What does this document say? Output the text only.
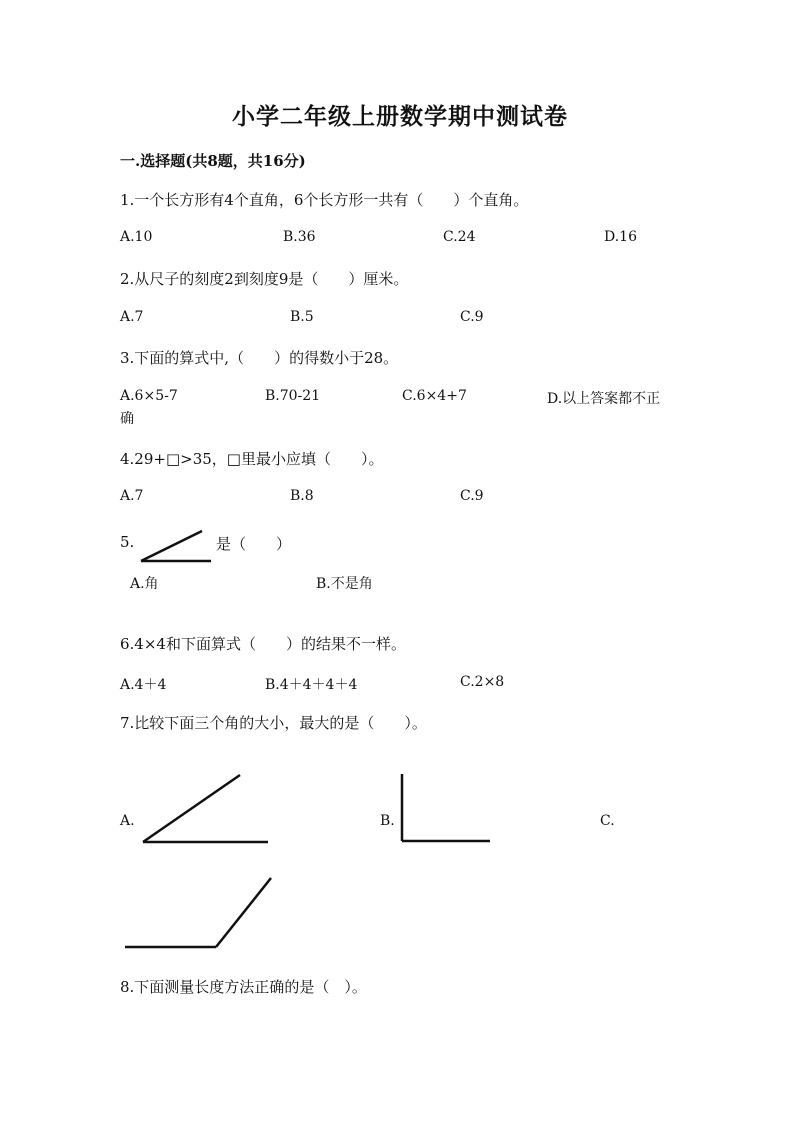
小学二年级上册数学期中测试卷
一.选择题(共8题，共16分)
1.一个长方形有4个直角，6个长方形一共有（　　）个直角。
A.10	B.36	C.24	D.16
2.从尺子的刻度2到刻度9是（　　）厘米。
A.7	B.5	C.9
3.下面的算式中,（　　）的得数小于28。
A.6×5-7	B.70-21	C.6×4+7	D.以上答案都不正
确
4.29+□>35，□里最小应填（　　）。
A.7	B.8	C.9
5.	是（　　）
A.角	B.不是角
6.4×4和下面算式（　　）的结果不一样。
A.4＋4	B.4＋4＋4＋4	C.2×8
7.比较下面三个角的大小，最大的是（　　）。
A.	B.	C.
8.下面测量长度方法正确的是（　）。
